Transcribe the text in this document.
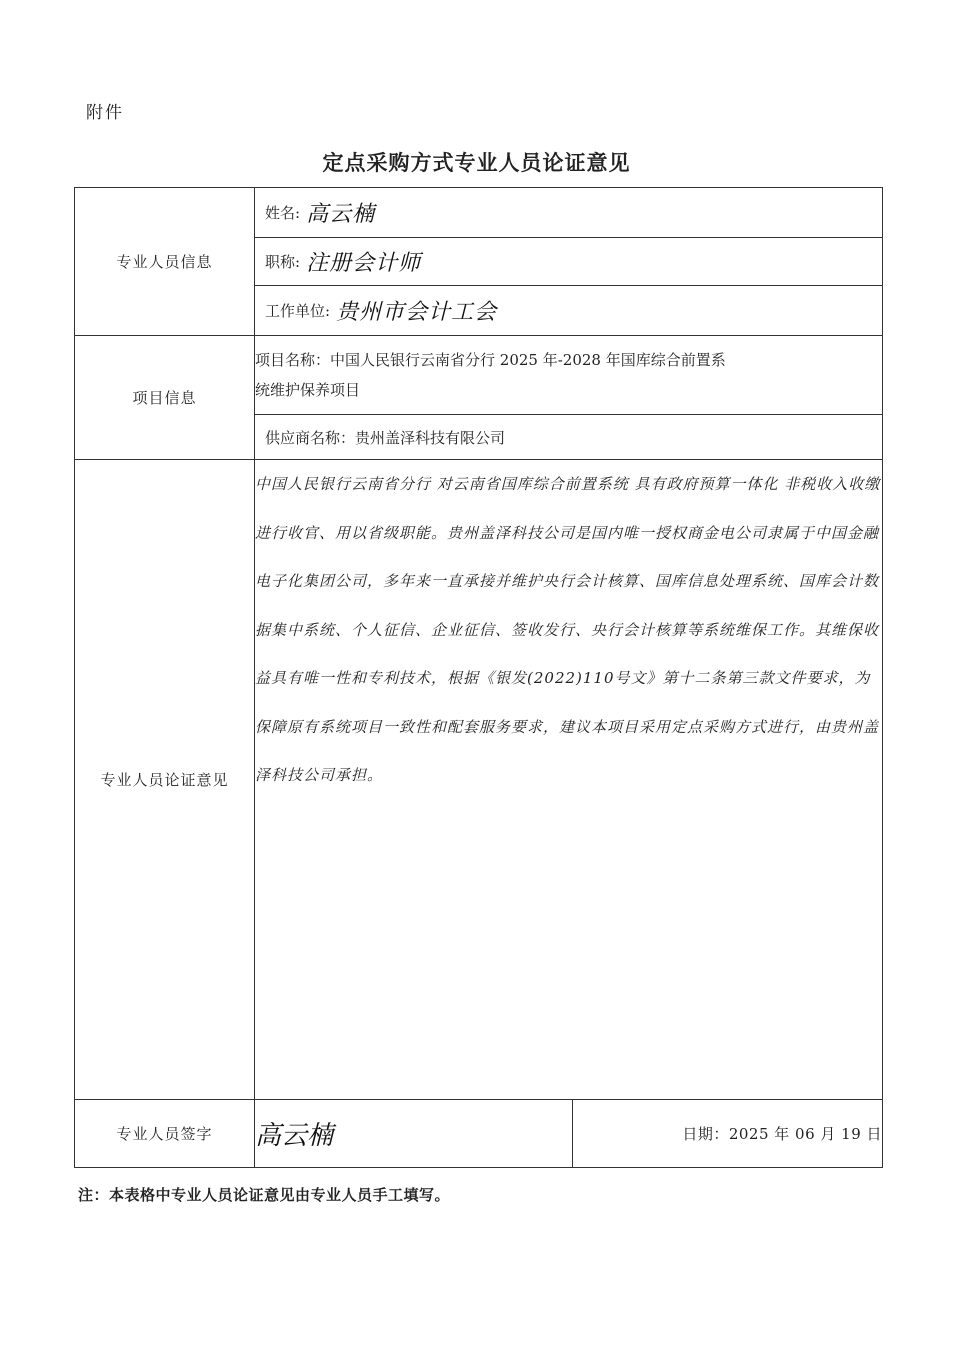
附件
定点采购方式专业人员论证意见
专业人员信息	姓名: 高云楠	

	职称: 注册会计师	

	工作单位: 贵州市会计工会	

项目信息	项目名称：中国人民银行云南省分行 2025 年-2028 年国库综合前置系
统维护保养项目	

	供应商名称：贵州盖泽科技有限公司	

专业人员论证意见	中国人民银行云南省分行 对云南省国库综合前置系统 具有政府预算一体化 非税收入收缴进行收官、用以省级职能。贵州盖泽科技公司是国内唯一授权商金电公司隶属于中国金融电子化集团公司，多年来一直承接并维护央行会计核算、国库信息处理系统、国库会计数据集中系统、个人征信、企业征信、签收发行、央行会计核算等系统维保工作。其维保收益具有唯一性和专利技术，根据《银发(2022)110号文》第十二条第三款文件要求，为保障原有系统项目一致性和配套服务要求，建议本项目采用定点采购方式进行，由贵州盖泽科技公司承担。	
专业人员签字	高云楠	日期：2025 年 06 月 19 日
注：本表格中专业人员论证意见由专业人员手工填写。
